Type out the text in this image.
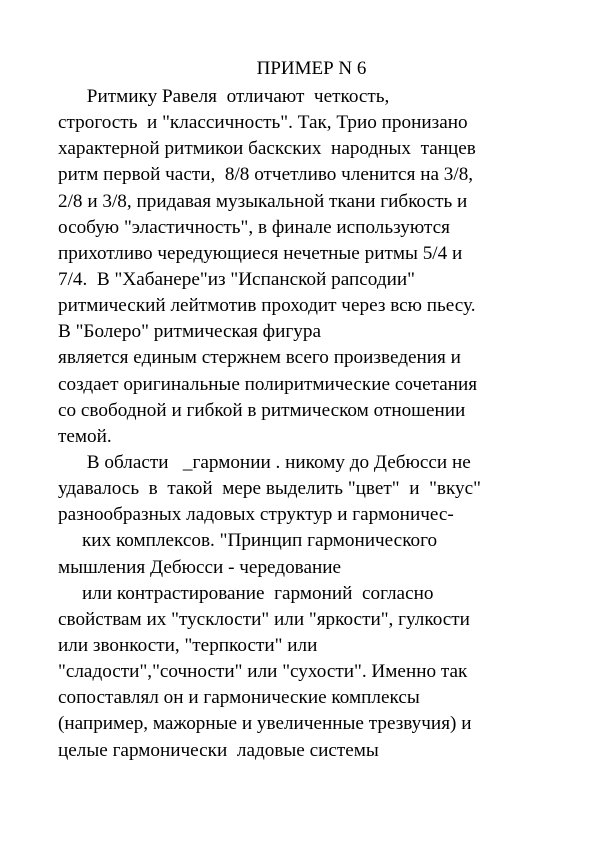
ПРИМЕР N 6
Ритмику Равеля  отличают  четкость,
строгость  и "классичность". Так, Трио пронизано
характерной ритмикои баскских  народных  танцев
ритм первой части,  8/8 отчетливо членится на 3/8,
2/8 и 3/8, придавая музыкальной ткани гибкость и
особую "эластичность", в финале используются
прихотливо чередующиеся нечетные ритмы 5/4 и
7/4.  В "Хабанере"из "Испанской рапсодии"
ритмический лейтмотив проходит через всю пьесу.
В "Болеро" ритмическая фигура
является единым стержнем всего произведения и
создает оригинальные полиритмические сочетания
со свободной и гибкой в ритмическом отношении
темой.
В области   _гармонии . никому до Дебюсси не
удавалось  в  такой  мере выделить "цвет"  и  "вкус"
разнообразных ладовых структур и гармоничес-
ких комплексов. "Принцип гармонического
мышления Дебюсси - чередование
или контрастирование  гармоний  согласно
свойствам их "тусклости" или "яркости", гулкости
или звонкости, "терпкости" или
"сладости","сочности" или "сухости". Именно так
сопоставлял он и гармонические комплексы
(например, мажорные и увеличенные трезвучия) и
целые гармонически  ладовые системы
